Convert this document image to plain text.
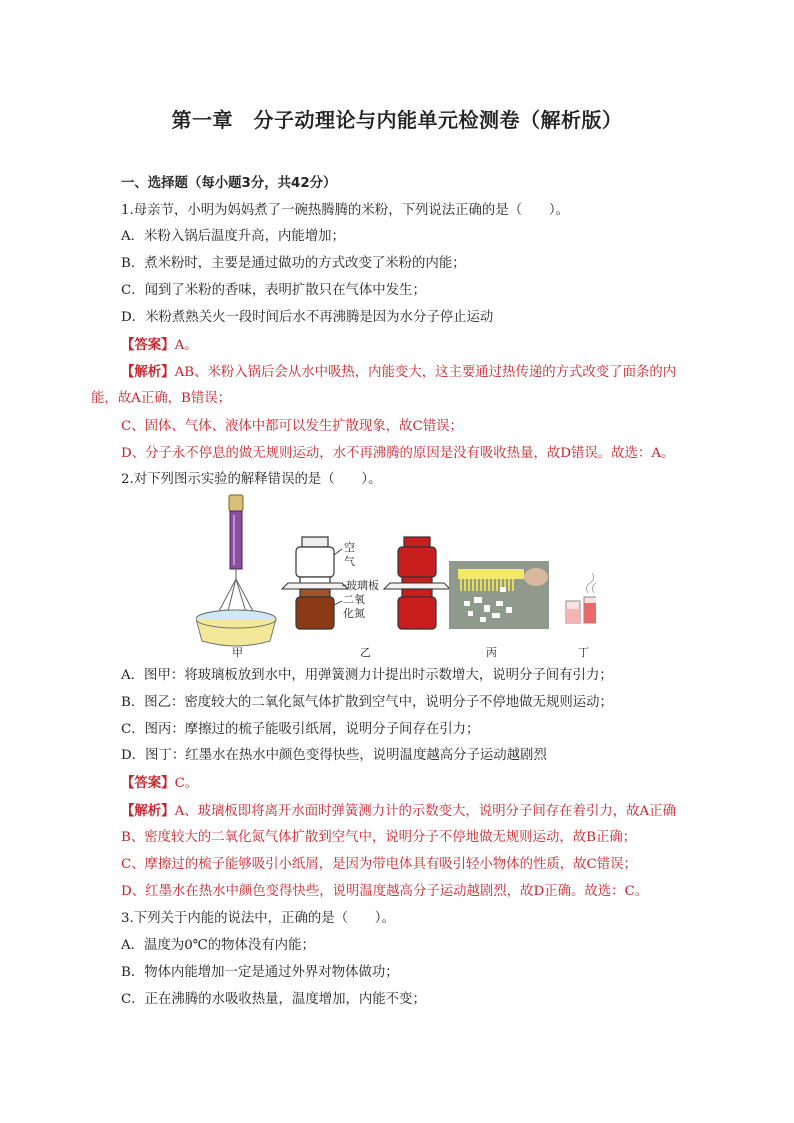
第一章　分子动理论与内能单元检测卷（解析版）
一、选择题（每小题3分，共42分）
1.母亲节，小明为妈妈煮了一碗热腾腾的米粉，下列说法正确的是（　　）。
A．米粉入锅后温度升高，内能增加；
B．煮米粉时，主要是通过做功的方式改变了米粉的内能；
C．闻到了米粉的香味，表明扩散只在气体中发生；
D．米粉煮熟关火一段时间后水不再沸腾是因为水分子停止运动
【答案】A。
【解析】AB、米粉入锅后会从水中吸热，内能变大，这主要通过热传递的方式改变了面条的内
能，故A正确，B错误；
C、固体、气体、液体中都可以发生扩散现象，故C错误；
D、分子永不停息的做无规则运动，水不再沸腾的原因是没有吸收热量，故D错误。故选：A。
2.对下列图示实验的解释错误的是（　　）。
空
气
玻璃板
二氧
化氮
甲	乙	丙	丁
A．图甲：将玻璃板放到水中，用弹簧测力计提出时示数增大，说明分子间有引力；
B．图乙：密度较大的二氧化氮气体扩散到空气中，说明分子不停地做无规则运动；
C．图丙：摩擦过的梳子能吸引纸屑，说明分子间存在引力；
D．图丁：红墨水在热水中颜色变得快些，说明温度越高分子运动越剧烈
【答案】C。
【解析】A、玻璃板即将离开水面时弹簧测力计的示数变大，说明分子间存在着引力，故A正确
B、密度较大的二氧化氮气体扩散到空气中，说明分子不停地做无规则运动，故B正确；
C、摩擦过的梳子能够吸引小纸屑，是因为带电体具有吸引轻小物体的性质，故C错误；
D、红墨水在热水中颜色变得快些，说明温度越高分子运动越剧烈，故D正确。故选：C。
3.下列关于内能的说法中，正确的是（　　）。
A．温度为0℃的物体没有内能；
B．物体内能增加一定是通过外界对物体做功；
C．正在沸腾的水吸收热量，温度增加，内能不变；
